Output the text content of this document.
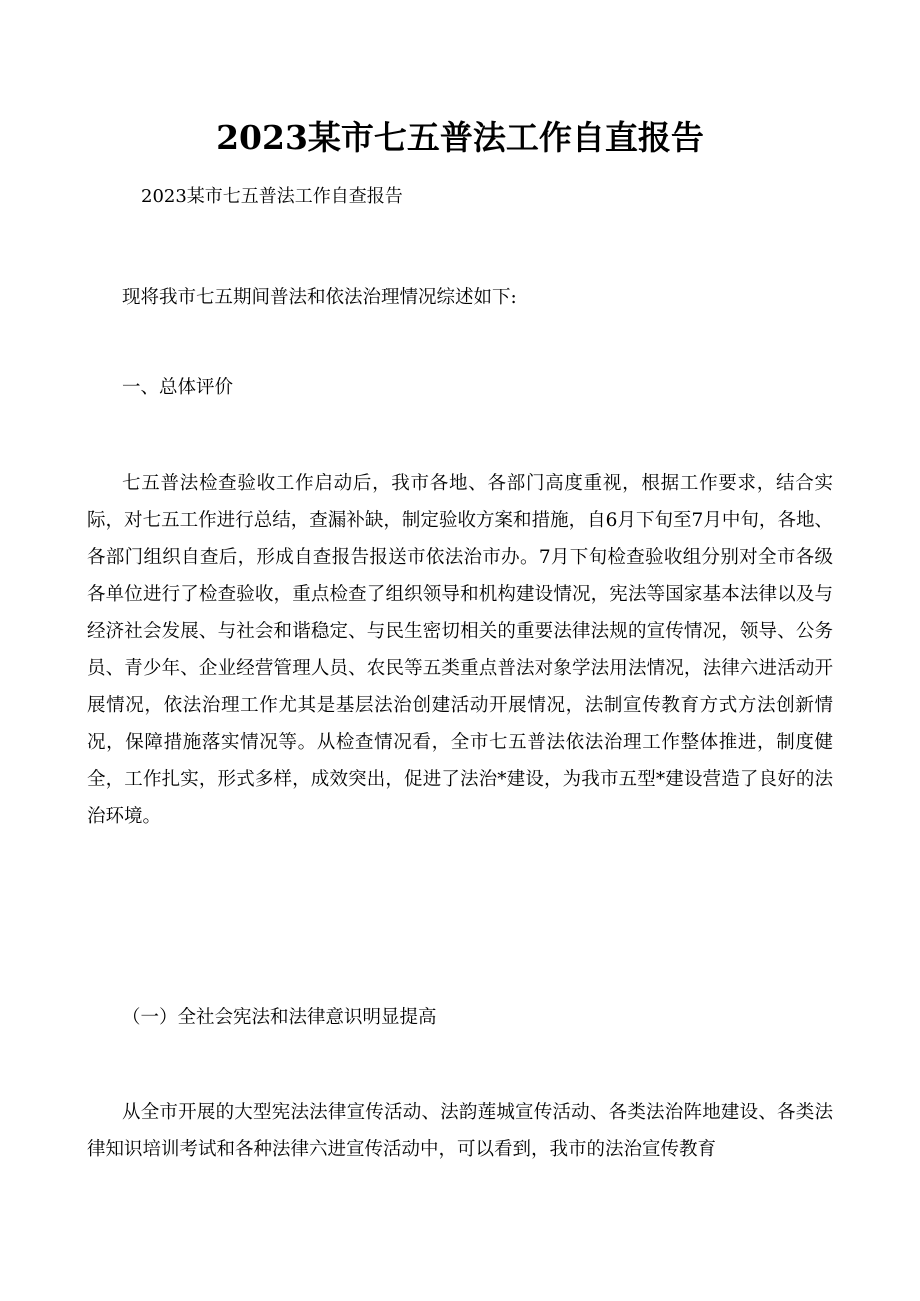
2023某市七五普法工作自直报告

2023某市七五普法工作自查报告

现将我市七五期间普法和依法治理情况综述如下:

一、总体评价

七五普法检查验收工作启动后，我市各地、各部门高度重视，根据工作要求，结合实际，对七五工作进行总结，查漏补缺，制定验收方案和措施，自6月下旬至7月中旬，各地、各部门组织自查后，形成自查报告报送市依法治市办。7月下旬检查验收组分别对全市各级各单位进行了检查验收，重点检查了组织领导和机构建设情况，宪法等国家基本法律以及与经济社会发展、与社会和谐稳定、与民生密切相关的重要法律法规的宣传情况，领导、公务员、青少年、企业经营管理人员、农民等五类重点普法对象学法用法情况，法律六进活动开展情况，依法治理工作尤其是基层法治创建活动开展情况，法制宣传教育方式方法创新情况，保障措施落实情况等。从检查情况看，全市七五普法依法治理工作整体推进，制度健全，工作扎实，形式多样，成效突出，促进了法治*建设，为我市五型*建设营造了良好的法治环境。

（一）全社会宪法和法律意识明显提高

从全市开展的大型宪法法律宣传活动、法韵莲城宣传活动、各类法治阵地建设、各类法律知识培训考试和各种法律六进宣传活动中，可以看到，我市的法治宣传教育
